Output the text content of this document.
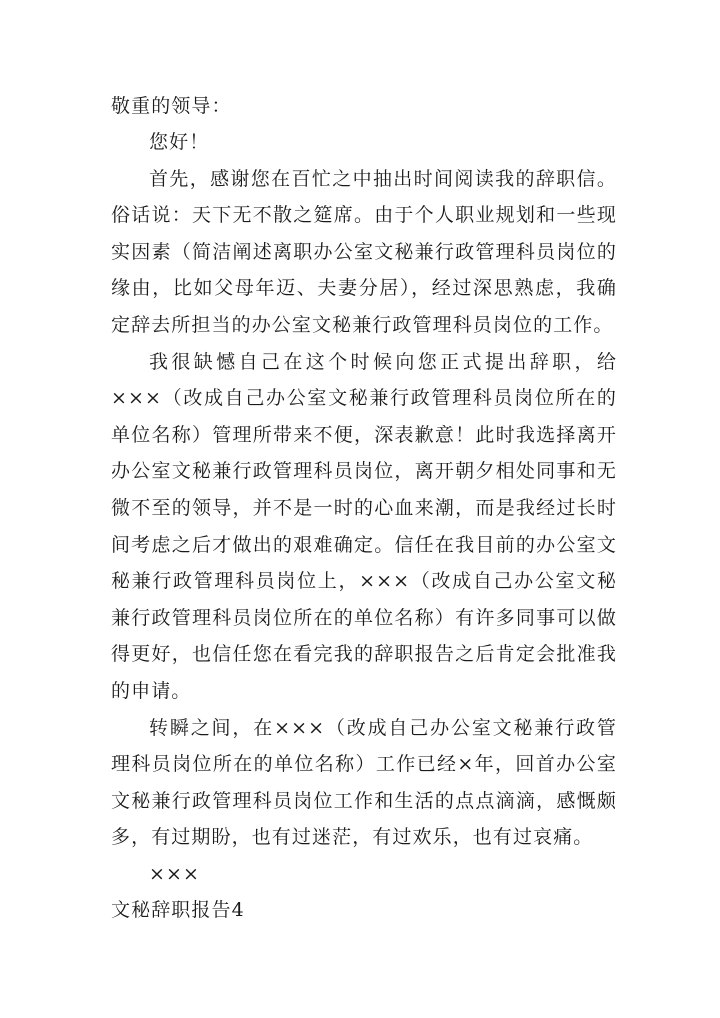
敬重的领导：

您好！

首先，感谢您在百忙之中抽出时间阅读我的辞职信。俗话说：天下无不散之筵席。由于个人职业规划和一些现实因素（简洁阐述离职办公室文秘兼行政管理科员岗位的缘由，比如父母年迈、夫妻分居），经过深思熟虑，我确定辞去所担当的办公室文秘兼行政管理科员岗位的工作。

我很缺憾自己在这个时候向您正式提出辞职，给×××（改成自己办公室文秘兼行政管理科员岗位所在的单位名称）管理所带来不便，深表歉意！此时我选择离开办公室文秘兼行政管理科员岗位，离开朝夕相处同事和无微不至的领导，并不是一时的心血来潮，而是我经过长时间考虑之后才做出的艰难确定。信任在我目前的办公室文秘兼行政管理科员岗位上，×××（改成自己办公室文秘兼行政管理科员岗位所在的单位名称）有许多同事可以做得更好，也信任您在看完我的辞职报告之后肯定会批准我的申请。

转瞬之间，在×××（改成自己办公室文秘兼行政管理科员岗位所在的单位名称）工作已经×年，回首办公室文秘兼行政管理科员岗位工作和生活的点点滴滴，感慨颇多，有过期盼，也有过迷茫，有过欢乐，也有过哀痛。

×××

文秘辞职报告4
